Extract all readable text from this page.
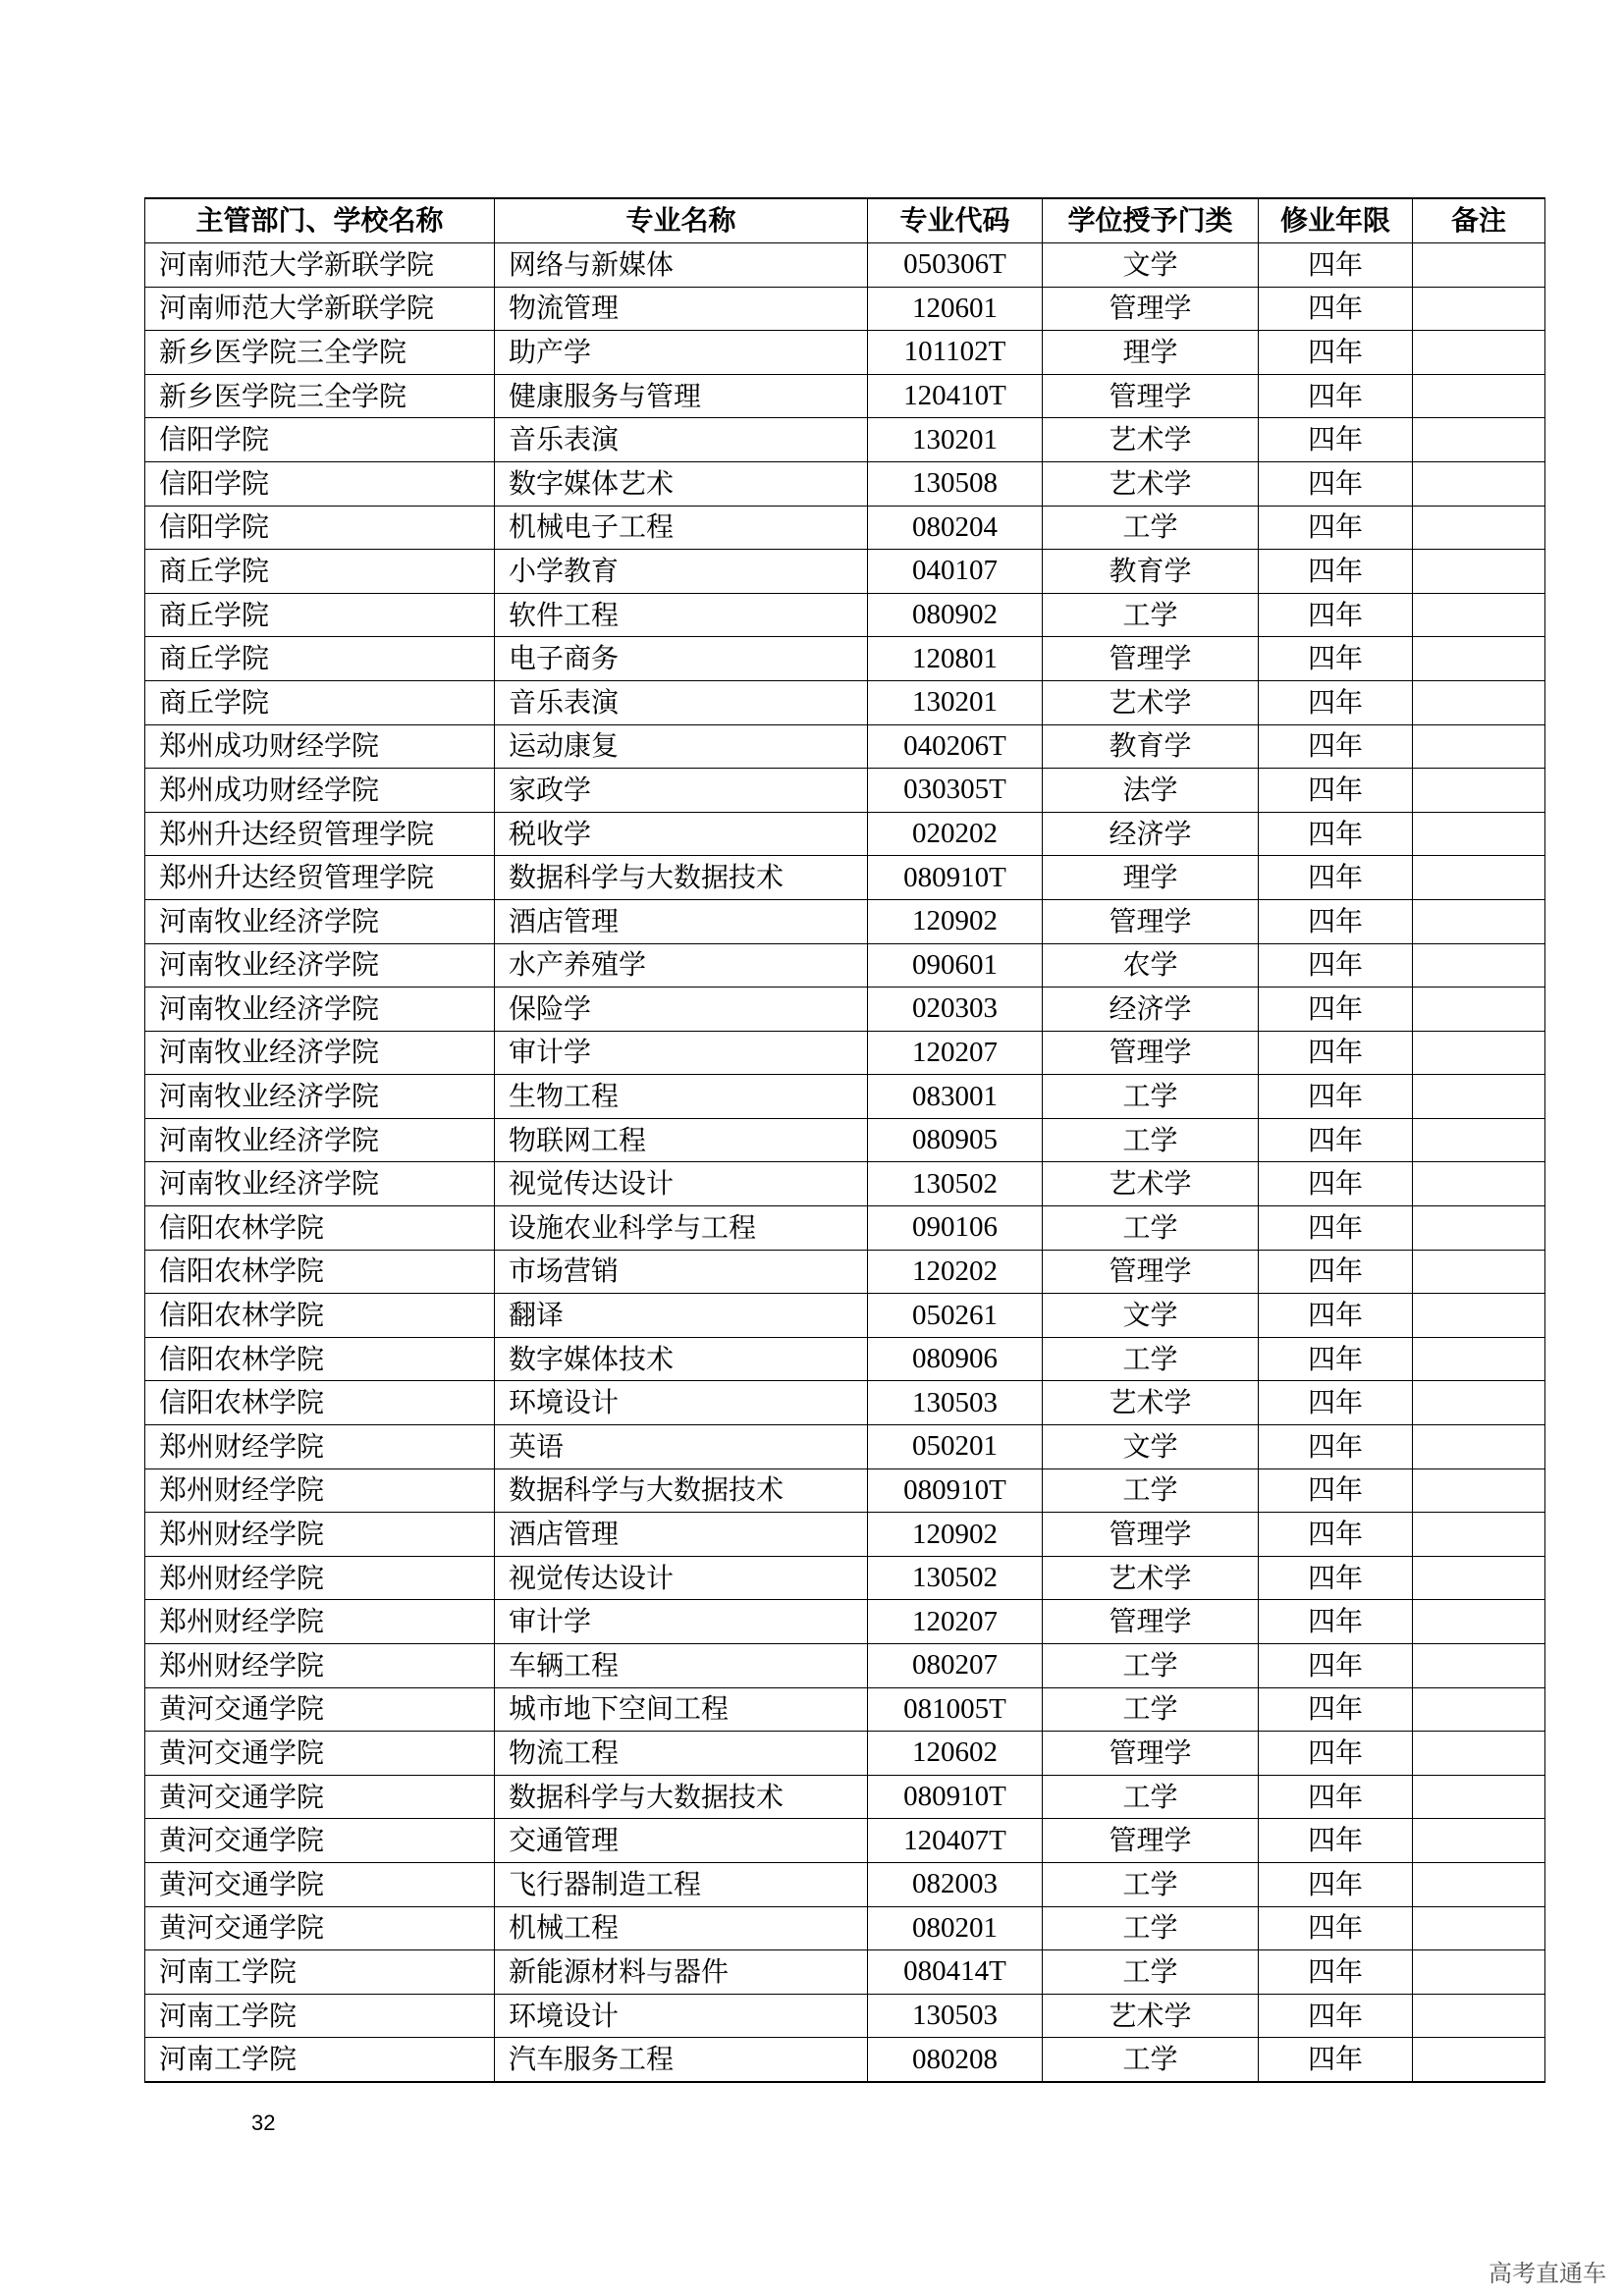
主管部门、学校名称	专业名称	专业代码	学位授予门类	修业年限	备注
河南师范大学新联学院	网络与新媒体	050306T	文学	四年	
河南师范大学新联学院	物流管理	120601	管理学	四年	
新乡医学院三全学院	助产学	101102T	理学	四年	
新乡医学院三全学院	健康服务与管理	120410T	管理学	四年	
信阳学院	音乐表演	130201	艺术学	四年	
信阳学院	数字媒体艺术	130508	艺术学	四年	
信阳学院	机械电子工程	080204	工学	四年	
商丘学院	小学教育	040107	教育学	四年	
商丘学院	软件工程	080902	工学	四年	
商丘学院	电子商务	120801	管理学	四年	
商丘学院	音乐表演	130201	艺术学	四年	
郑州成功财经学院	运动康复	040206T	教育学	四年	
郑州成功财经学院	家政学	030305T	法学	四年	
郑州升达经贸管理学院	税收学	020202	经济学	四年	
郑州升达经贸管理学院	数据科学与大数据技术	080910T	理学	四年	
河南牧业经济学院	酒店管理	120902	管理学	四年	
河南牧业经济学院	水产养殖学	090601	农学	四年	
河南牧业经济学院	保险学	020303	经济学	四年	
河南牧业经济学院	审计学	120207	管理学	四年	
河南牧业经济学院	生物工程	083001	工学	四年	
河南牧业经济学院	物联网工程	080905	工学	四年	
河南牧业经济学院	视觉传达设计	130502	艺术学	四年	
信阳农林学院	设施农业科学与工程	090106	工学	四年	
信阳农林学院	市场营销	120202	管理学	四年	
信阳农林学院	翻译	050261	文学	四年	
信阳农林学院	数字媒体技术	080906	工学	四年	
信阳农林学院	环境设计	130503	艺术学	四年	
郑州财经学院	英语	050201	文学	四年	
郑州财经学院	数据科学与大数据技术	080910T	工学	四年	
郑州财经学院	酒店管理	120902	管理学	四年	
郑州财经学院	视觉传达设计	130502	艺术学	四年	
郑州财经学院	审计学	120207	管理学	四年	
郑州财经学院	车辆工程	080207	工学	四年	
黄河交通学院	城市地下空间工程	081005T	工学	四年	
黄河交通学院	物流工程	120602	管理学	四年	
黄河交通学院	数据科学与大数据技术	080910T	工学	四年	
黄河交通学院	交通管理	120407T	管理学	四年	
黄河交通学院	飞行器制造工程	082003	工学	四年	
黄河交通学院	机械工程	080201	工学	四年	
河南工学院	新能源材料与器件	080414T	工学	四年	
河南工学院	环境设计	130503	艺术学	四年	
河南工学院	汽车服务工程	080208	工学	四年	
32
高考直通车
